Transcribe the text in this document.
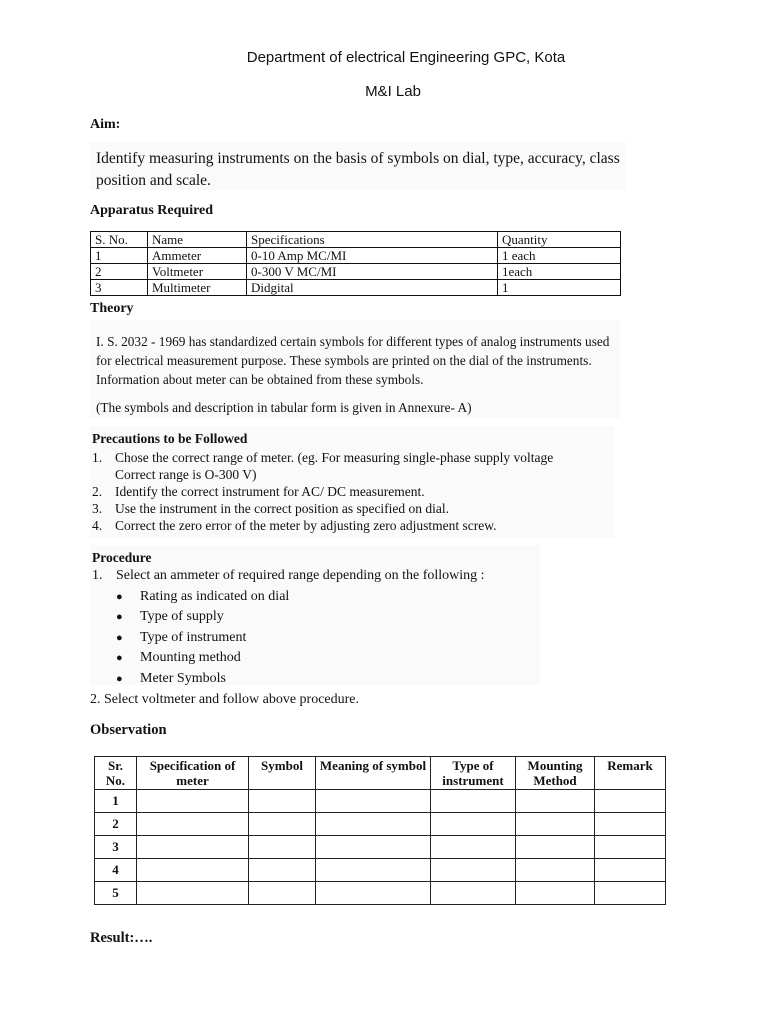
Department of electrical Engineering GPC, Kota
M&I Lab
Aim:
Identify measuring instruments on the basis of symbols on dial, type, accuracy, class position and scale.
Apparatus Required
S. No.	Name	Specifications	Quantity
1	Ammeter	0-10 Amp MC/MI	1 each
2	Voltmeter	0-300 V MC/MI	1each
3	Multimeter	Didgital	1
Theory
I. S. 2032 - 1969 has standardized certain symbols for different types of analog instruments used for electrical measurement purpose. These symbols are printed on the dial of the instruments. Information about meter can be obtained from these symbols.
(The symbols and description in tabular form is given in Annexure- A)
Precautions to be Followed
1. Chose the correct range of meter. (eg. For measuring single-phase supply voltage
Correct range is O-300 V)
2. Identify the correct instrument for AC/ DC measurement.
3. Use the instrument in the correct position as specified on dial.
4. Correct the zero error of the meter by adjusting zero adjustment screw.
Procedure
1. Select an ammeter of required range depending on the following :
●	Rating as indicated on dial
●	Type of supply
●	Type of instrument
●	Mounting method
●	Meter Symbols
2. Select voltmeter and follow above procedure.
Observation
Sr. No.	Specification of meter	Symbol	Meaning of symbol	Type of instrument	Mounting Method	Remark
1						
2						
3						
4						
5						
Result:….
